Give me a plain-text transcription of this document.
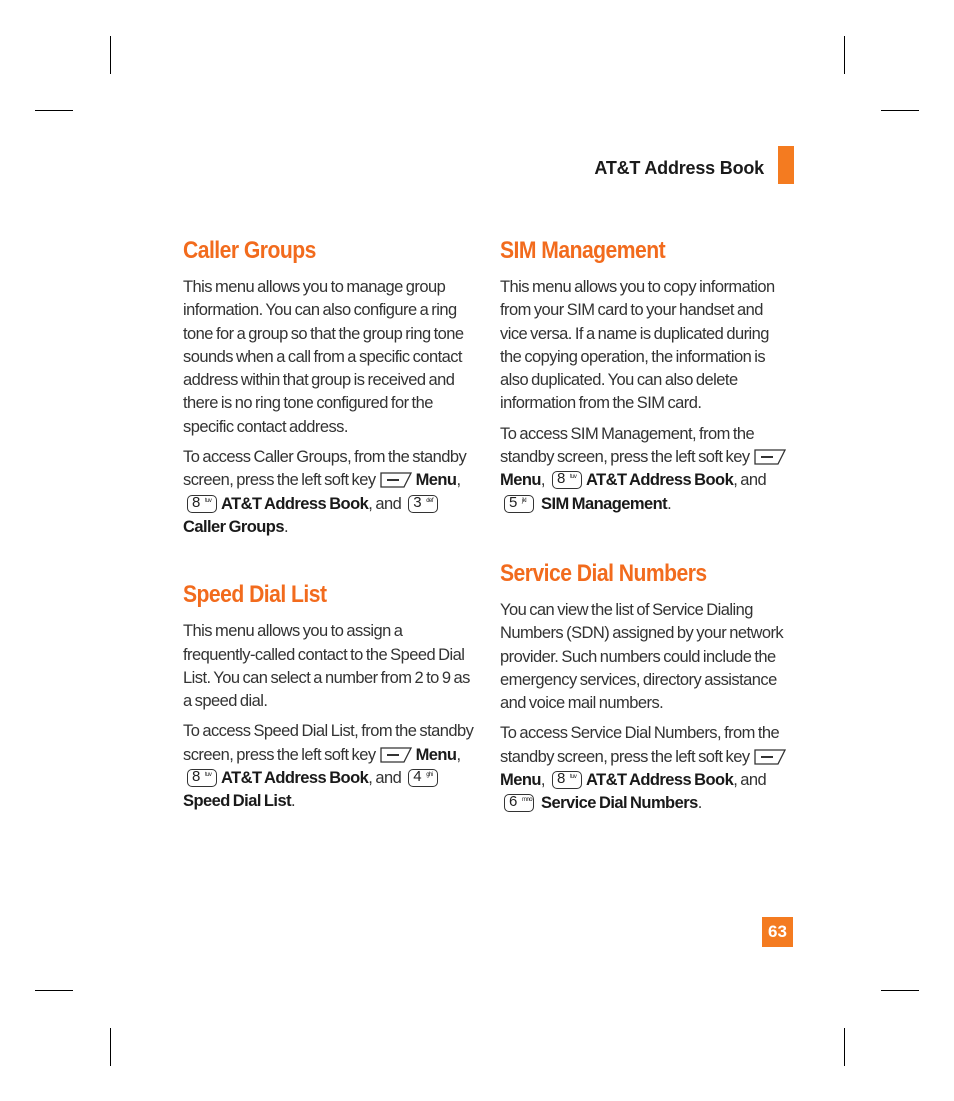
AT&T Address Book
Caller Groups

This menu allows you to manage group information. You can also configure a ring tone for a group so that the group ring tone sounds when a call from a specific contact address within that group is received and there is no ring tone configured for the specific contact address.

To access Caller Groups, from the standby screen, press the left soft key Menu,
8 tuv AT&T Address Book, and 3 def
Caller Groups.

Speed Dial List

This menu allows you to assign a frequently-called contact to the Speed Dial List. You can select a number from 2 to 9 as a speed dial.

To access Speed Dial List, from the standby screen, press the left soft key Menu,
8 tuv AT&T Address Book, and 4 ghi
Speed Dial List.

SIM Management

This menu allows you to copy information from your SIM card to your handset and vice versa. If a name is duplicated during the copying operation, the information is also duplicated. You can also delete information from the SIM card.

To access SIM Management, from the standby screen, press the left soft keyMenu, 8 tuv AT&T Address Book, and
5 jkl SIM Management.

Service Dial Numbers

You can view the list of Service Dialing Numbers (SDN) assigned by your network provider. Such numbers could include the emergency services, directory assistance and voice mail numbers.

To access Service Dial Numbers, from the standby screen, press the left soft keyMenu, 8 tuv AT&T Address Book, and
6 mno Service Dial Numbers.

63
